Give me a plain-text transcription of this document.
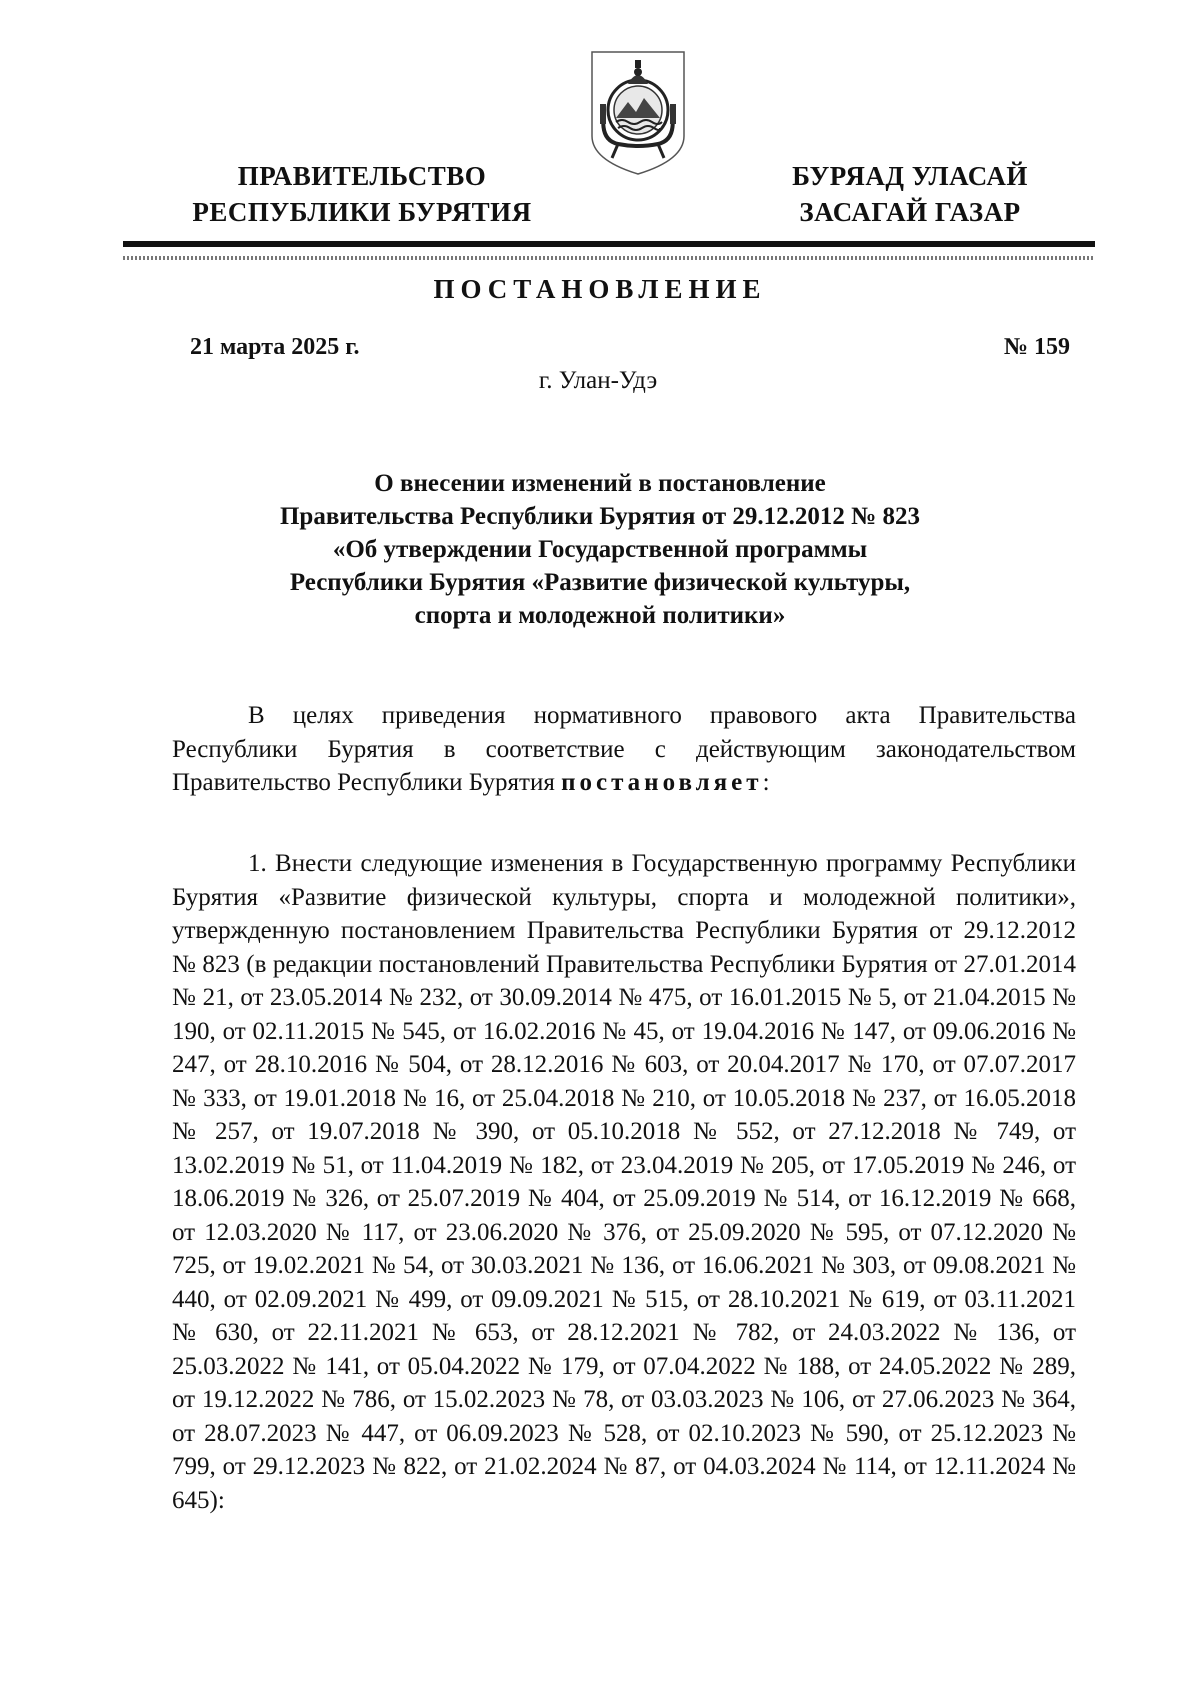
ПРАВИТЕЛЬСТВО
РЕСПУБЛИКИ БУРЯТИЯ
БУРЯАД УЛАСАЙ
ЗАСАГАЙ ГАЗАР
ПОСТАНОВЛЕНИЕ
21 марта 2025 г.	№ 159
г. Улан-Удэ
О внесении изменений в постановление
Правительства Республики Бурятия от 29.12.2012 № 823
«Об утверждении Государственной программы
Республики Бурятия «Развитие физической культуры,
спорта и молодежной политики»

В целях приведения нормативного правового акта Правительства Республики Бурятия в соответствие с действующим законодательством Правительство Республики Бурятия постановляет:

1. Внести следующие изменения в Государственную программу Республики Бурятия «Развитие физической культуры, спорта и молодежной политики», утвержденную постановлением Правительства Республики Бурятия от 29.12.2012 № 823 (в редакции постановлений Правительства Республики Бурятия от 27.01.2014 № 21, от 23.05.2014 № 232, от 30.09.2014 № 475, от 16.01.2015 № 5, от 21.04.2015 № 190, от 02.11.2015 № 545, от 16.02.2016 № 45, от 19.04.2016 № 147, от 09.06.2016 № 247, от 28.10.2016 № 504, от 28.12.2016 № 603, от 20.04.2017 № 170, от 07.07.2017 № 333, от 19.01.2018 № 16, от 25.04.2018 № 210, от 10.05.2018 № 237, от 16.05.2018 № 257, от 19.07.2018 № 390, от 05.10.2018 № 552, от 27.12.2018 № 749, от 13.02.2019 № 51, от 11.04.2019 № 182, от 23.04.2019 № 205, от 17.05.2019 № 246, от 18.06.2019 № 326, от 25.07.2019 № 404, от 25.09.2019 № 514, от 16.12.2019 № 668, от 12.03.2020 № 117, от 23.06.2020 № 376, от 25.09.2020 № 595, от 07.12.2020 № 725, от 19.02.2021 № 54, от 30.03.2021 № 136, от 16.06.2021 № 303, от 09.08.2021 № 440, от 02.09.2021 № 499, от 09.09.2021 № 515, от 28.10.2021 № 619, от 03.11.2021 № 630, от 22.11.2021 № 653, от 28.12.2021 № 782, от 24.03.2022 № 136, от 25.03.2022 № 141, от 05.04.2022 № 179, от 07.04.2022 № 188, от 24.05.2022 № 289, от 19.12.2022 № 786, от 15.02.2023 № 78, от 03.03.2023 № 106, от 27.06.2023 № 364, от 28.07.2023 № 447, от 06.09.2023 № 528, от 02.10.2023 № 590, от 25.12.2023 № 799, от 29.12.2023 № 822, от 21.02.2024 № 87, от 04.03.2024 № 114, от 12.11.2024 № 645):
